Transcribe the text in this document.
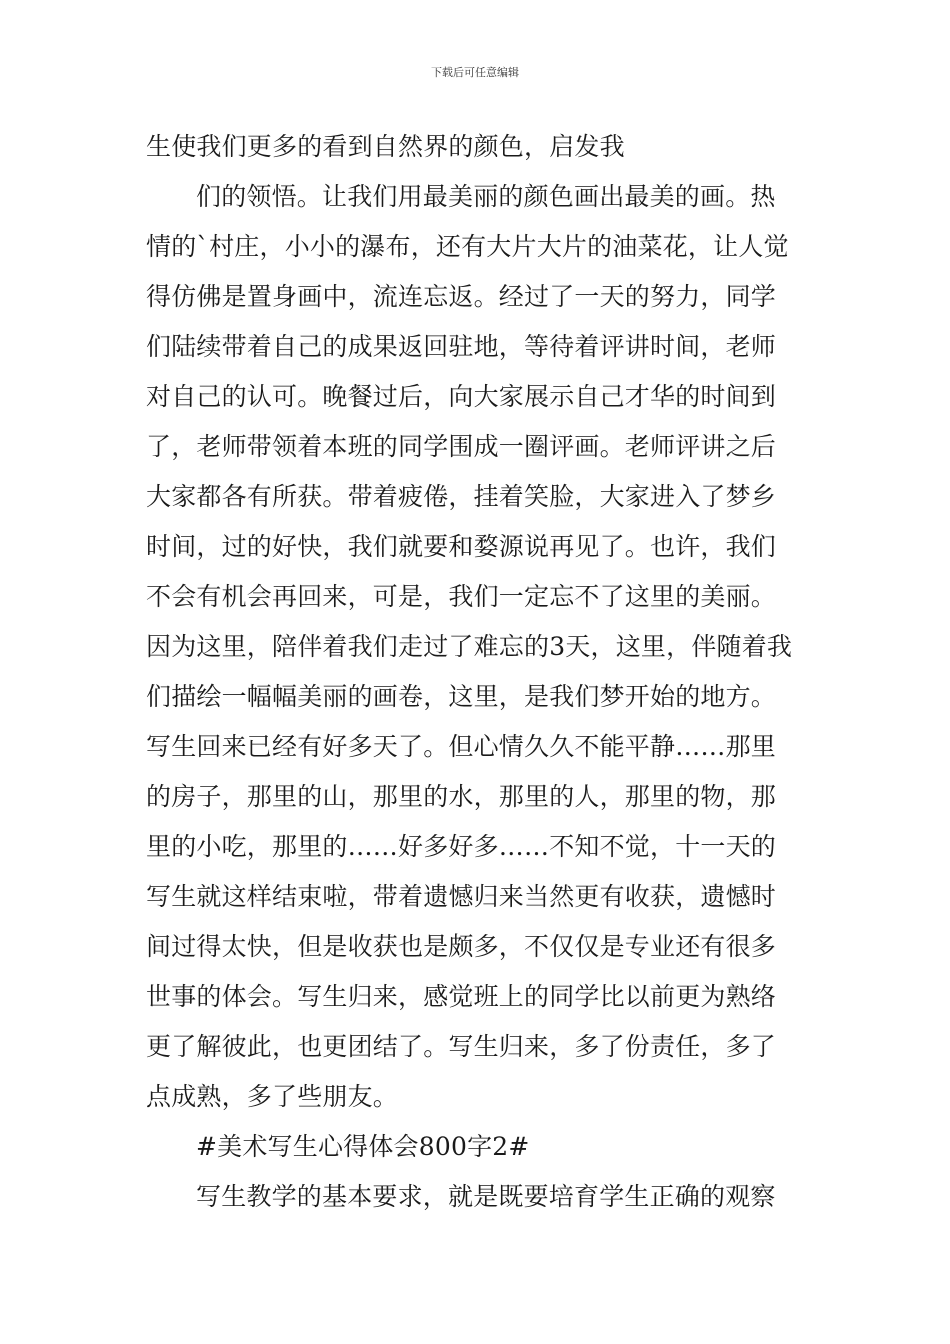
下载后可任意编辑
生使我们更多的看到自然界的颜色，启发我
们的领悟。让我们用最美丽的颜色画出最美的画。热
情的`村庄，小小的瀑布，还有大片大片的油菜花，让人觉
得仿佛是置身画中，流连忘返。经过了一天的努力，同学
们陆续带着自己的成果返回驻地，等待着评讲时间，老师
对自己的认可。晚餐过后，向大家展示自己才华的时间到
了，老师带领着本班的同学围成一圈评画。老师评讲之后
大家都各有所获。带着疲倦，挂着笑脸，大家进入了梦乡
时间，过的好快，我们就要和婺源说再见了。也许，我们
不会有机会再回来，可是，我们一定忘不了这里的美丽。
因为这里，陪伴着我们走过了难忘的3天，这里，伴随着我
们描绘一幅幅美丽的画卷，这里，是我们梦开始的地方。
写生回来已经有好多天了。但心情久久不能平静……那里
的房子，那里的山，那里的水，那里的人，那里的物，那
里的小吃，那里的……好多好多……不知不觉，十一天的
写生就这样结束啦，带着遗憾归来当然更有收获，遗憾时
间过得太快，但是收获也是颇多，不仅仅是专业还有很多
世事的体会。写生归来，感觉班上的同学比以前更为熟络
更了解彼此，也更团结了。写生归来，多了份责任，多了
点成熟，多了些朋友。
#美术写生心得体会800字2#
写生教学的基本要求，就是既要培育学生正确的观察
